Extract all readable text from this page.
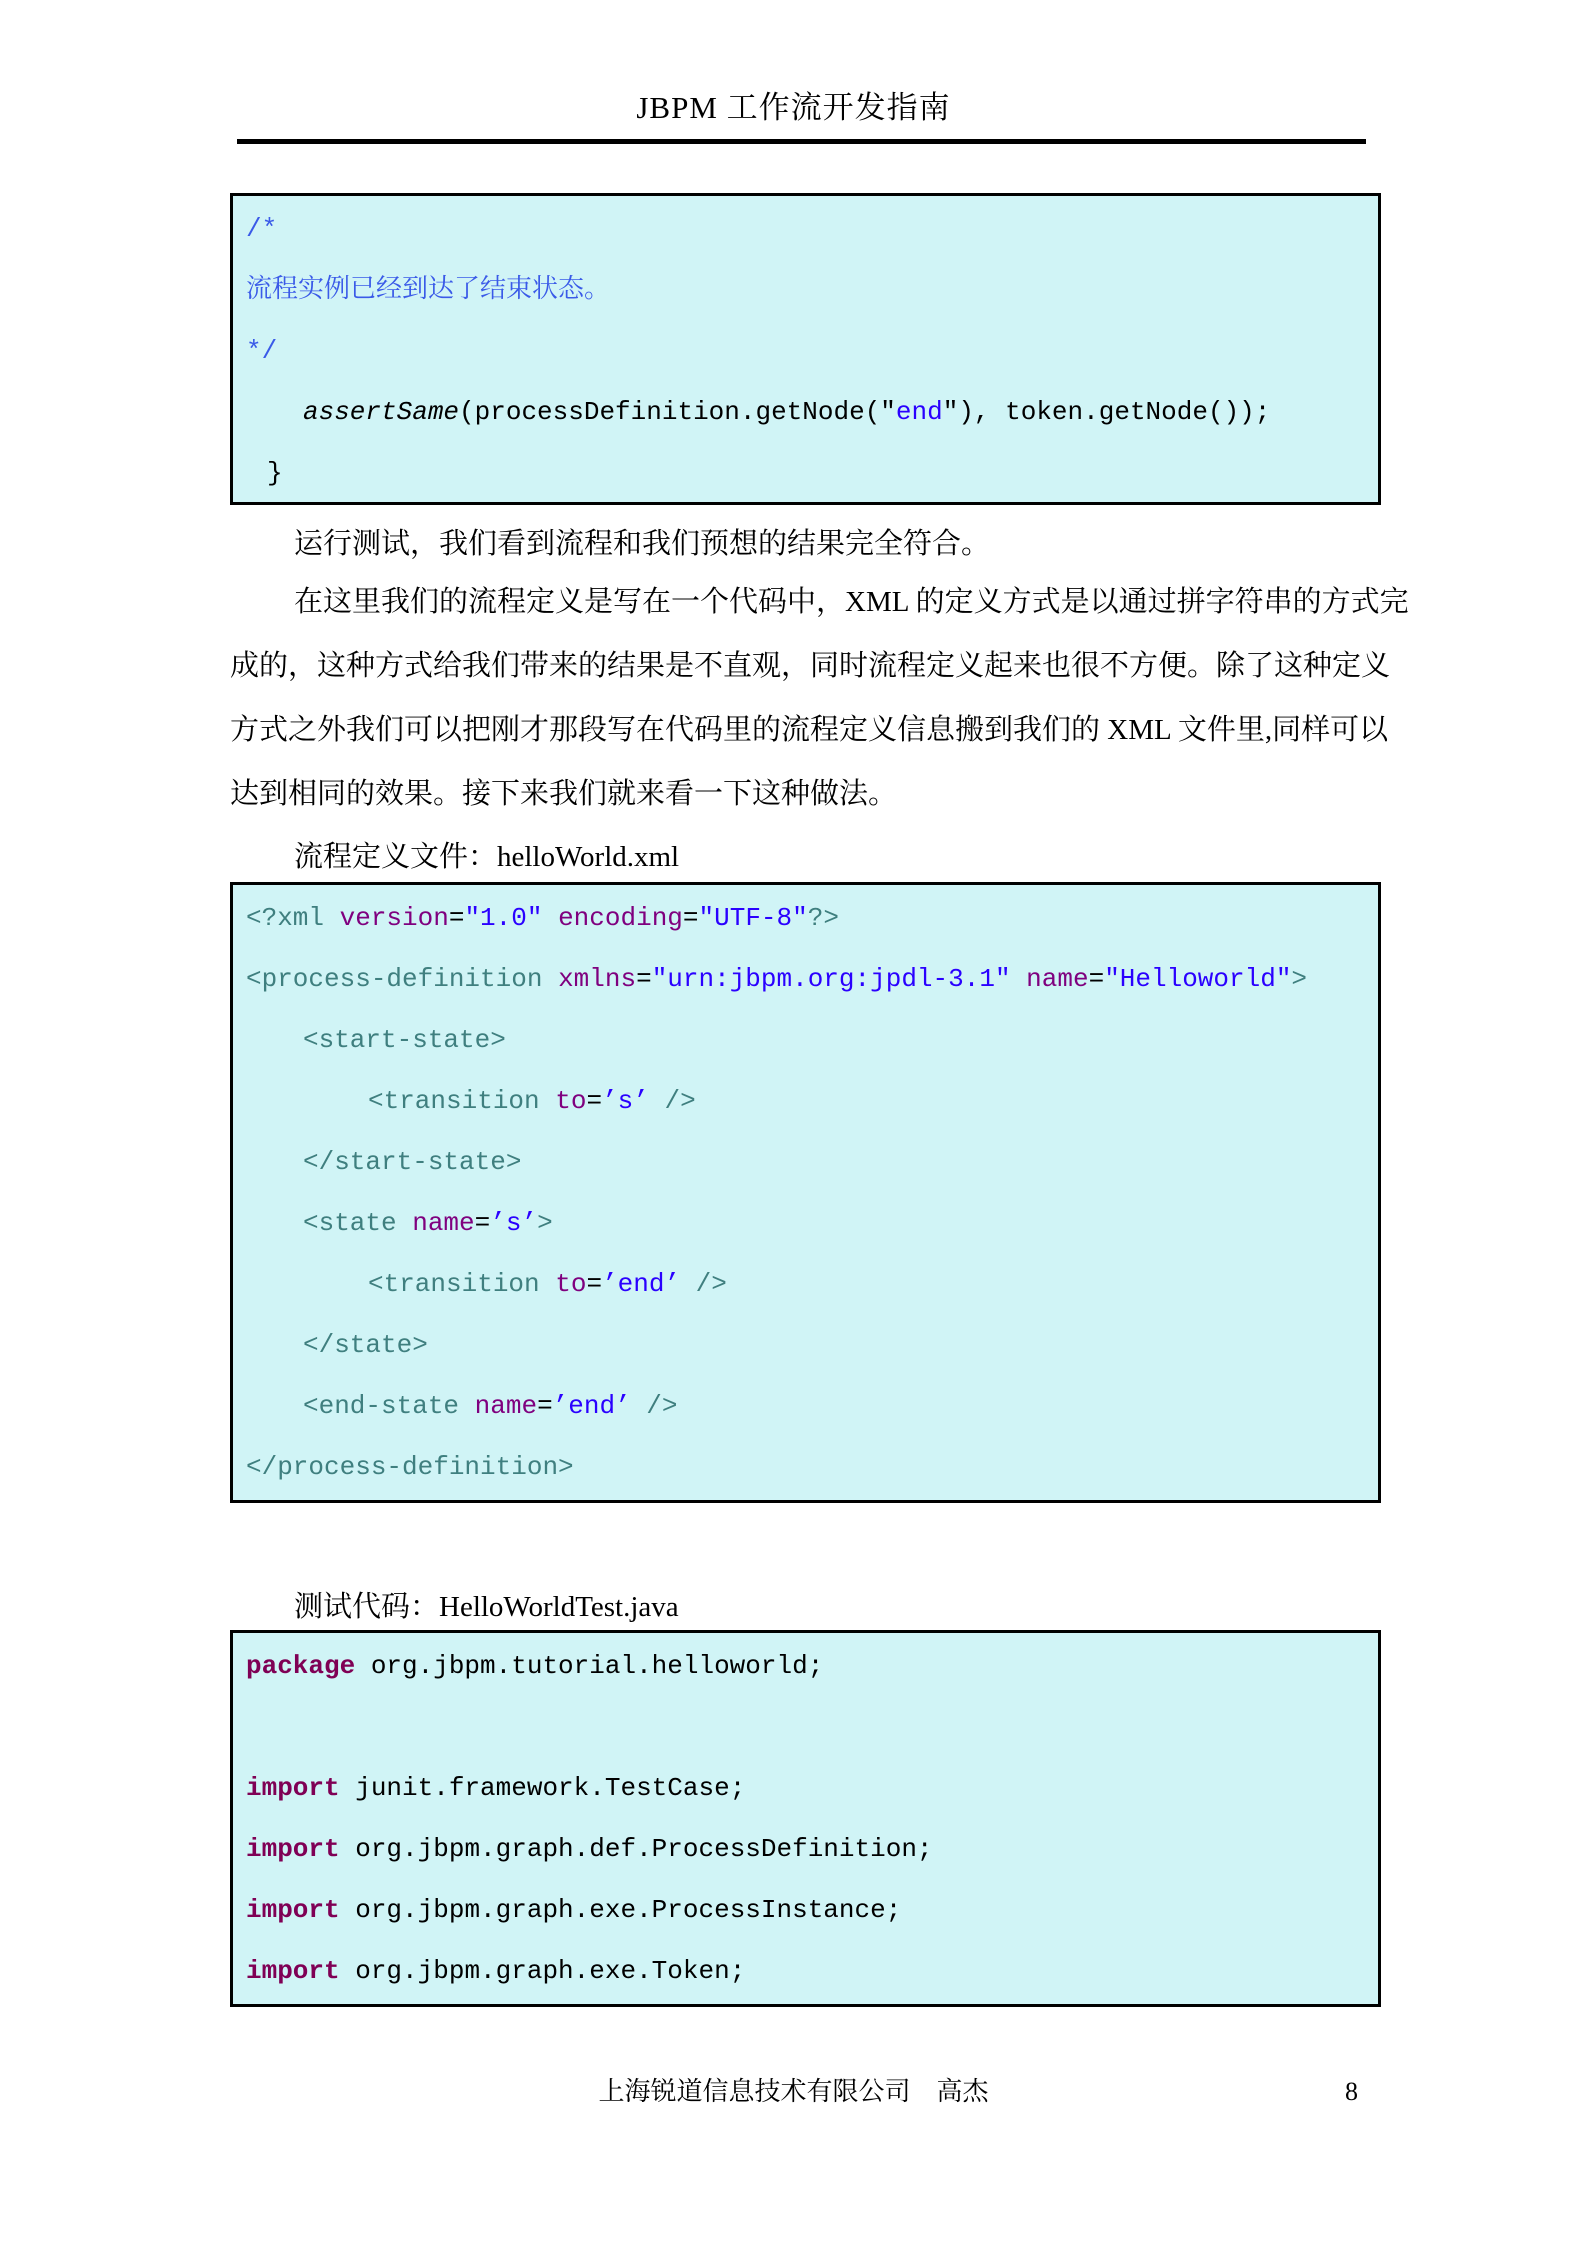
JBPM 工作流开发指南
/*
流程实例已经到达了结束状态。
*/
assertSame(processDefinition.getNode(″end″), token.getNode());
}
运行测试，我们看到流程和我们预想的结果完全符合。
在这里我们的流程定义是写在一个代码中，XML 的定义方式是以通过拼字符串的方式完
成的，这种方式给我们带来的结果是不直观，同时流程定义起来也很不方便。除了这种定义
方式之外我们可以把刚才那段写在代码里的流程定义信息搬到我们的 XML 文件里,同样可以
达到相同的效果。接下来我们就来看一下这种做法。
流程定义文件：helloWorld.xml
<?xml version=″1.0″ encoding=″UTF-8″?>
<process-definition xmlns=″urn:jbpm.org:jpdl-3.1″ name=″Helloworld″>
<start-state>
<transition to=’s’ />
</start-state>
<state name=’s’>
<transition to=’end’ />
</state>
<end-state name=’end’ />
</process-definition>
测试代码：HelloWorldTest.java
package org.jbpm.tutorial.helloworld;
import junit.framework.TestCase;
import org.jbpm.graph.def.ProcessDefinition;
import org.jbpm.graph.exe.ProcessInstance;
import org.jbpm.graph.exe.Token;
上海锐道信息技术有限公司　高杰	8
